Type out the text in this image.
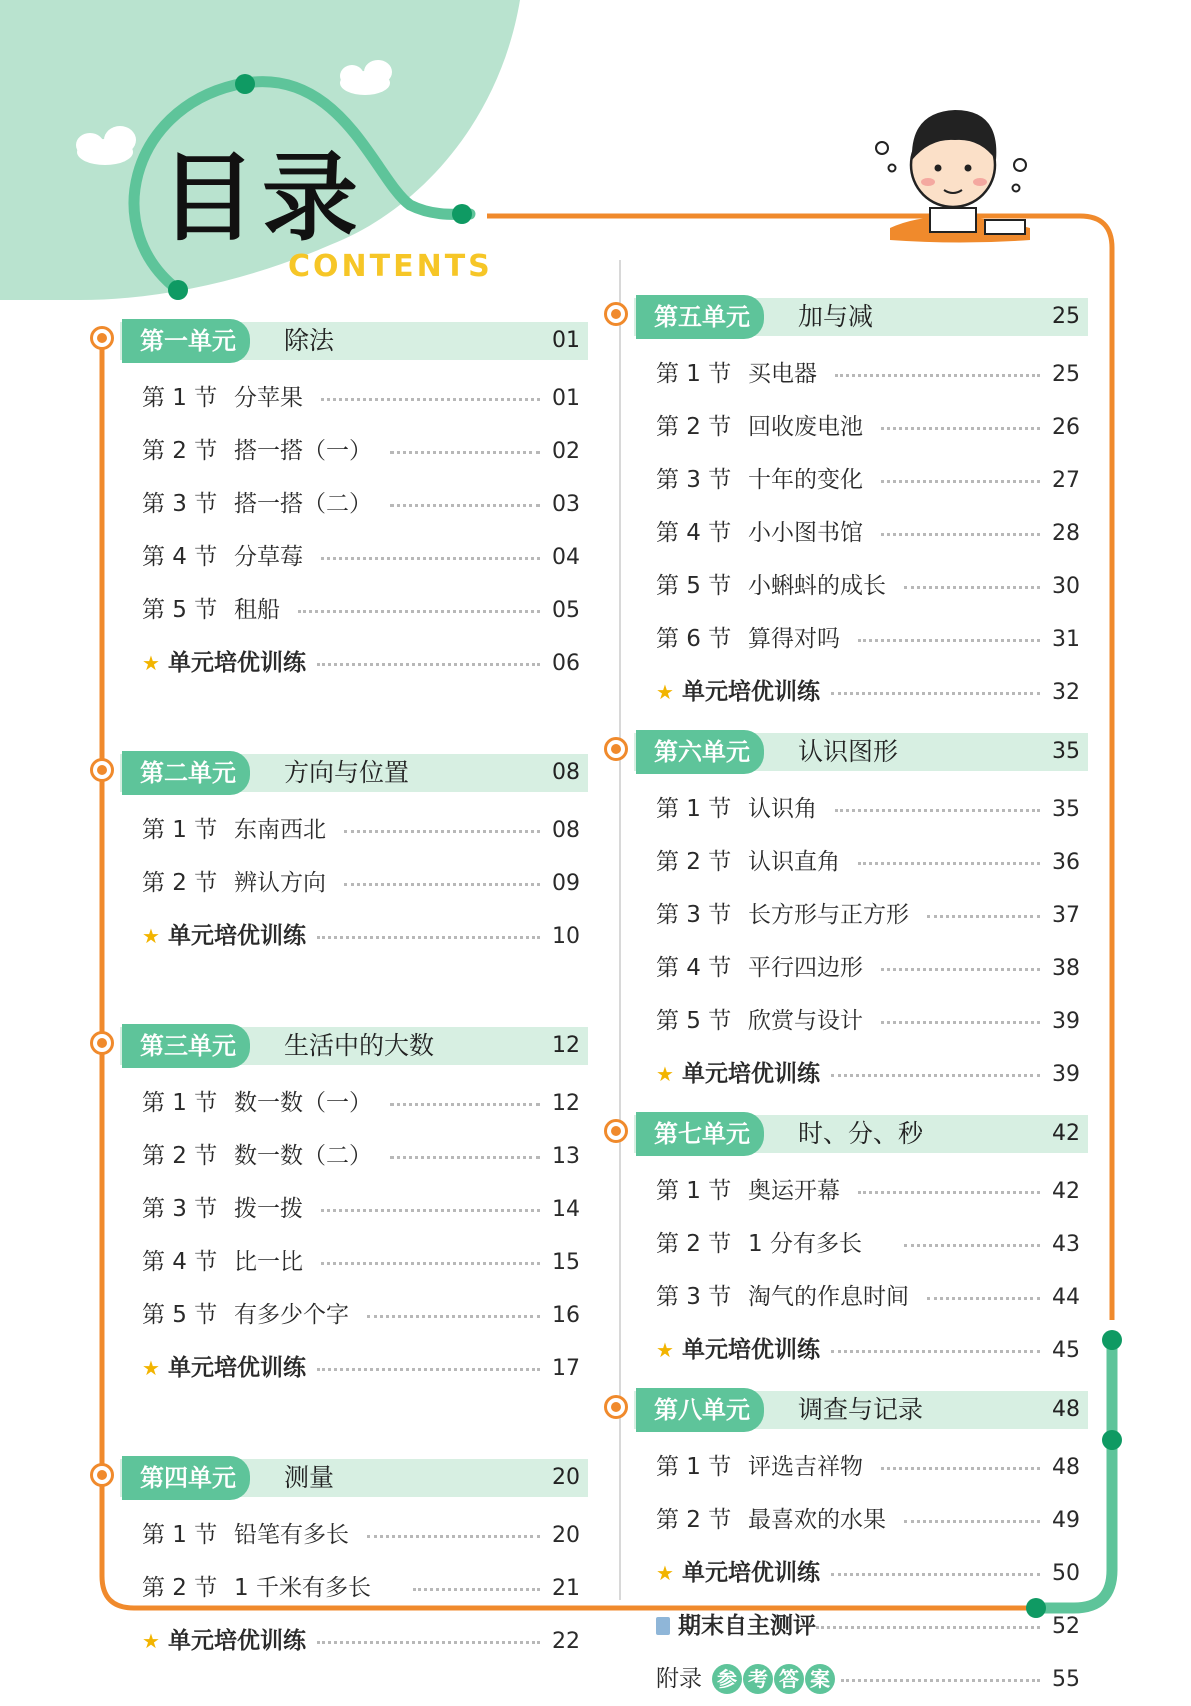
目录
CONTENTS
第一单元	除法	01
第 1 节 分苹果	01
第 2 节 搭一搭（一）	02
第 3 节 搭一搭（二）	03
第 4 节 分草莓	04
第 5 节 租船	05
★ 单元培优训练	06
第二单元	方向与位置	08
第 1 节 东南西北	08
第 2 节 辨认方向	09
★ 单元培优训练	10
第三单元	生活中的大数	12
第 1 节 数一数（一）	12
第 2 节 数一数（二）	13
第 3 节 拨一拨	14
第 4 节 比一比	15
第 5 节 有多少个字	16
★ 单元培优训练	17
第四单元	测量	20
第 1 节 铅笔有多长	20
第 2 节 1 千米有多长	21
★ 单元培优训练	22
第五单元	加与减	25
第 1 节 买电器	25
第 2 节 回收废电池	26
第 3 节 十年的变化	27
第 4 节 小小图书馆	28
第 5 节 小蝌蚪的成长	30
第 6 节 算得对吗	31
★ 单元培优训练	32
第六单元	认识图形	35
第 1 节 认识角	35
第 2 节 认识直角	36
第 3 节 长方形与正方形	37
第 4 节 平行四边形	38
第 5 节 欣赏与设计	39
★ 单元培优训练	39
第七单元	时、分、秒	42
第 1 节 奥运开幕	42
第 2 节 1 分有多长	43
第 3 节 淘气的作息时间	44
★ 单元培优训练	45
第八单元	调查与记录	48
第 1 节 评选吉祥物	48
第 2 节 最喜欢的水果	49
★ 单元培优训练	50
期末自主测评	52
附录 参 考 答 案	55
